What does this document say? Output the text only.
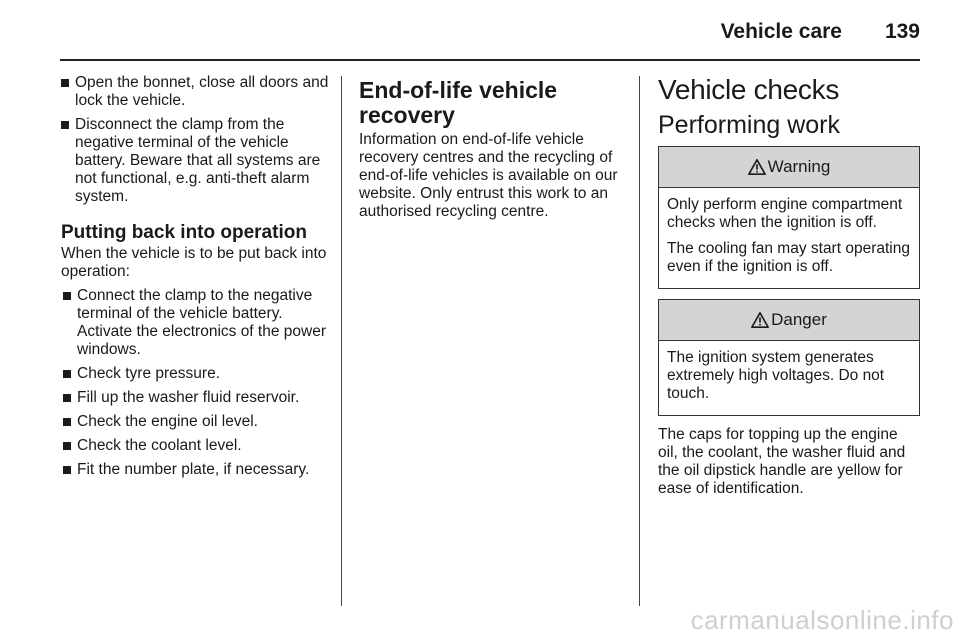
Vehicle care 139
Open the bonnet, close all doors and lock the vehicle.
Disconnect the clamp from the negative terminal of the vehicle battery. Beware that all systems are not functional, e.g. anti-theft alarm system.
Putting back into operation
When the vehicle is to be put back into operation:
Connect the clamp to the negative terminal of the vehicle battery. Activate the electronics of the power windows.
Check tyre pressure.
Fill up the washer fluid reservoir.
Check the engine oil level.
Check the coolant level.
Fit the number plate, if necessary.
End-of-life vehicle recovery
Information on end-of-life vehicle recovery centres and the recycling of end-of-life vehicles is available on our website. Only entrust this work to an authorised recycling centre.
Vehicle checks
Performing work
Warning

Only perform engine compartment checks when the ignition is off.

The cooling fan may start operating even if the ignition is off.

Danger

The ignition system generates extremely high voltages. Do not touch.

The caps for topping up the engine oil, the coolant, the washer fluid and the oil dipstick handle are yellow for ease of identification.
carmanualsonline.info
